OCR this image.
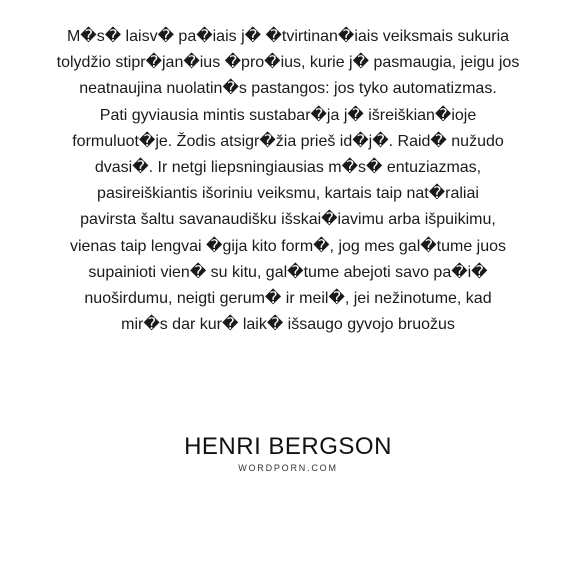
M�s� laisv� pa�iais j� �tvirtinan�iais veiksmais sukuria
tolydžio stipr�jan�ius �pro�ius, kurie j� pasmaugia, jeigu jos
neatnaujina nuolatin�s pastangos: jos tyko automatizmas.
Pati gyviausia mintis sustabar�ja j� išreiškian�ioje
formuluot�je. Žodis atsigr�žia prieš id�j�. Raid� nužudo
dvasi�. Ir netgi liepsningiausias m�s� entuziazmas,
pasireiškiantis išoriniu veiksmu, kartais taip nat�raliai
pavirsta šaltu savanaudišku išskai�iavimu arba išpuikimu,
vienas taip lengvai �gija kito form�, jog mes gal�tume juos
supainioti vien� su kitu, gal�tume abejoti savo pa�i�
nuoširdumu, neigti gerum� ir meil�, jei nežinotume, kad
mir�s dar kur� laik� išsaugo gyvojo bruožus

HENRI BERGSON
WORDPORN.COM
